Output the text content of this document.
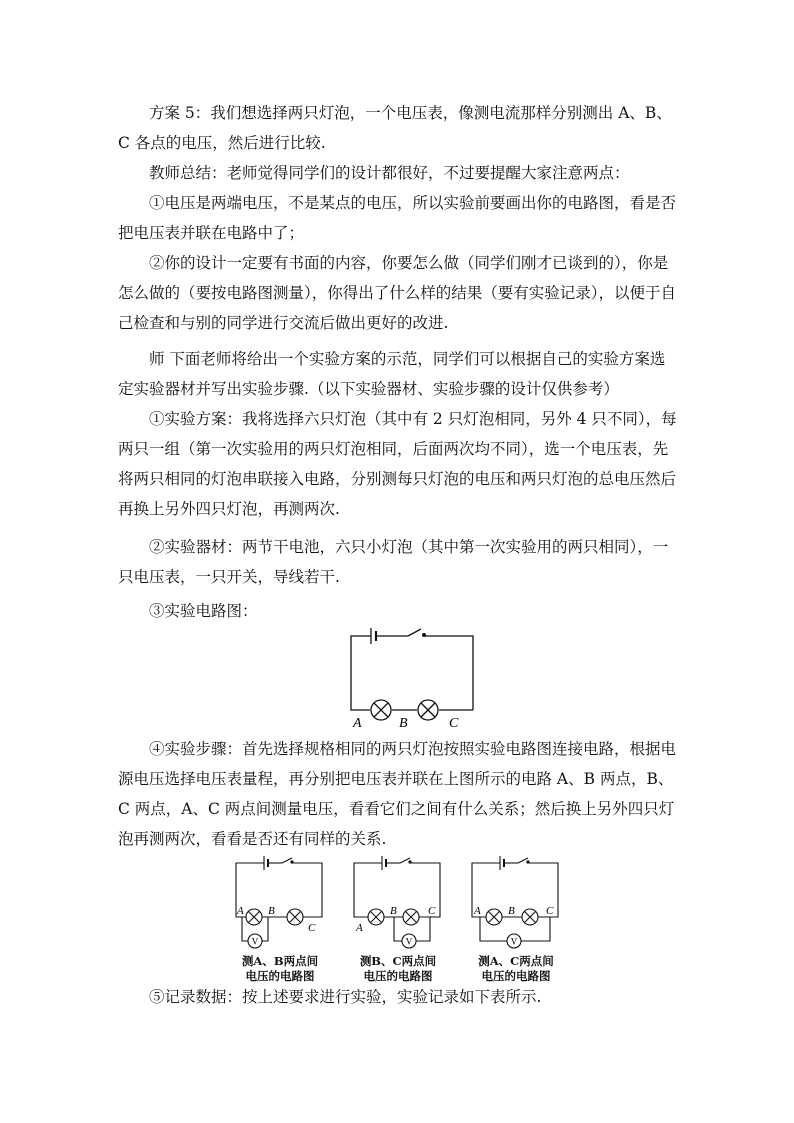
方案 5：我们想选择两只灯泡，一个电压表，像测电流那样分别测出 A、B、C 各点的电压，然后进行比较.

教师总结：老师觉得同学们的设计都很好，不过要提醒大家注意两点：

①电压是两端电压，不是某点的电压，所以实验前要画出你的电路图，看是否把电压表并联在电路中了；

②你的设计一定要有书面的内容，你要怎么做（同学们刚才已谈到的），你是怎么做的（要按电路图测量），你得出了什么样的结果（要有实验记录），以便于自己检查和与别的同学进行交流后做出更好的改进.

师 下面老师将给出一个实验方案的示范，同学们可以根据自己的实验方案选定实验器材并写出实验步骤.（以下实验器材、实验步骤的设计仅供参考）

①实验方案：我将选择六只灯泡（其中有 2 只灯泡相同，另外 4 只不同），每两只一组（第一次实验用的两只灯泡相同，后面两次均不同），选一个电压表，先将两只相同的灯泡串联接入电路，分别测每只灯泡的电压和两只灯泡的总电压然后再换上另外四只灯泡，再测两次.

②实验器材：两节干电池，六只小灯泡（其中第一次实验用的两只相同），一只电压表，一只开关，导线若干.

③实验电路图：

A	B	C

④实验步骤：首先选择规格相同的两只灯泡按照实验电路图连接电路，根据电源电压选择电压表量程，再分别把电压表并联在上图所示的电路 A、B 两点，B、C 两点，A、C 两点间测量电压，看看它们之间有什么关系；然后换上另外四只灯泡再测两次，看看是否还有同样的关系.

V
A B
C
测A、B两点间
电压的电路图
V
A
B	C
测B、C两点间
电压的电路图
V
A B	C
测A、C两点间
电压的电路图

⑤记录数据：按上述要求进行实验，实验记录如下表所示.
